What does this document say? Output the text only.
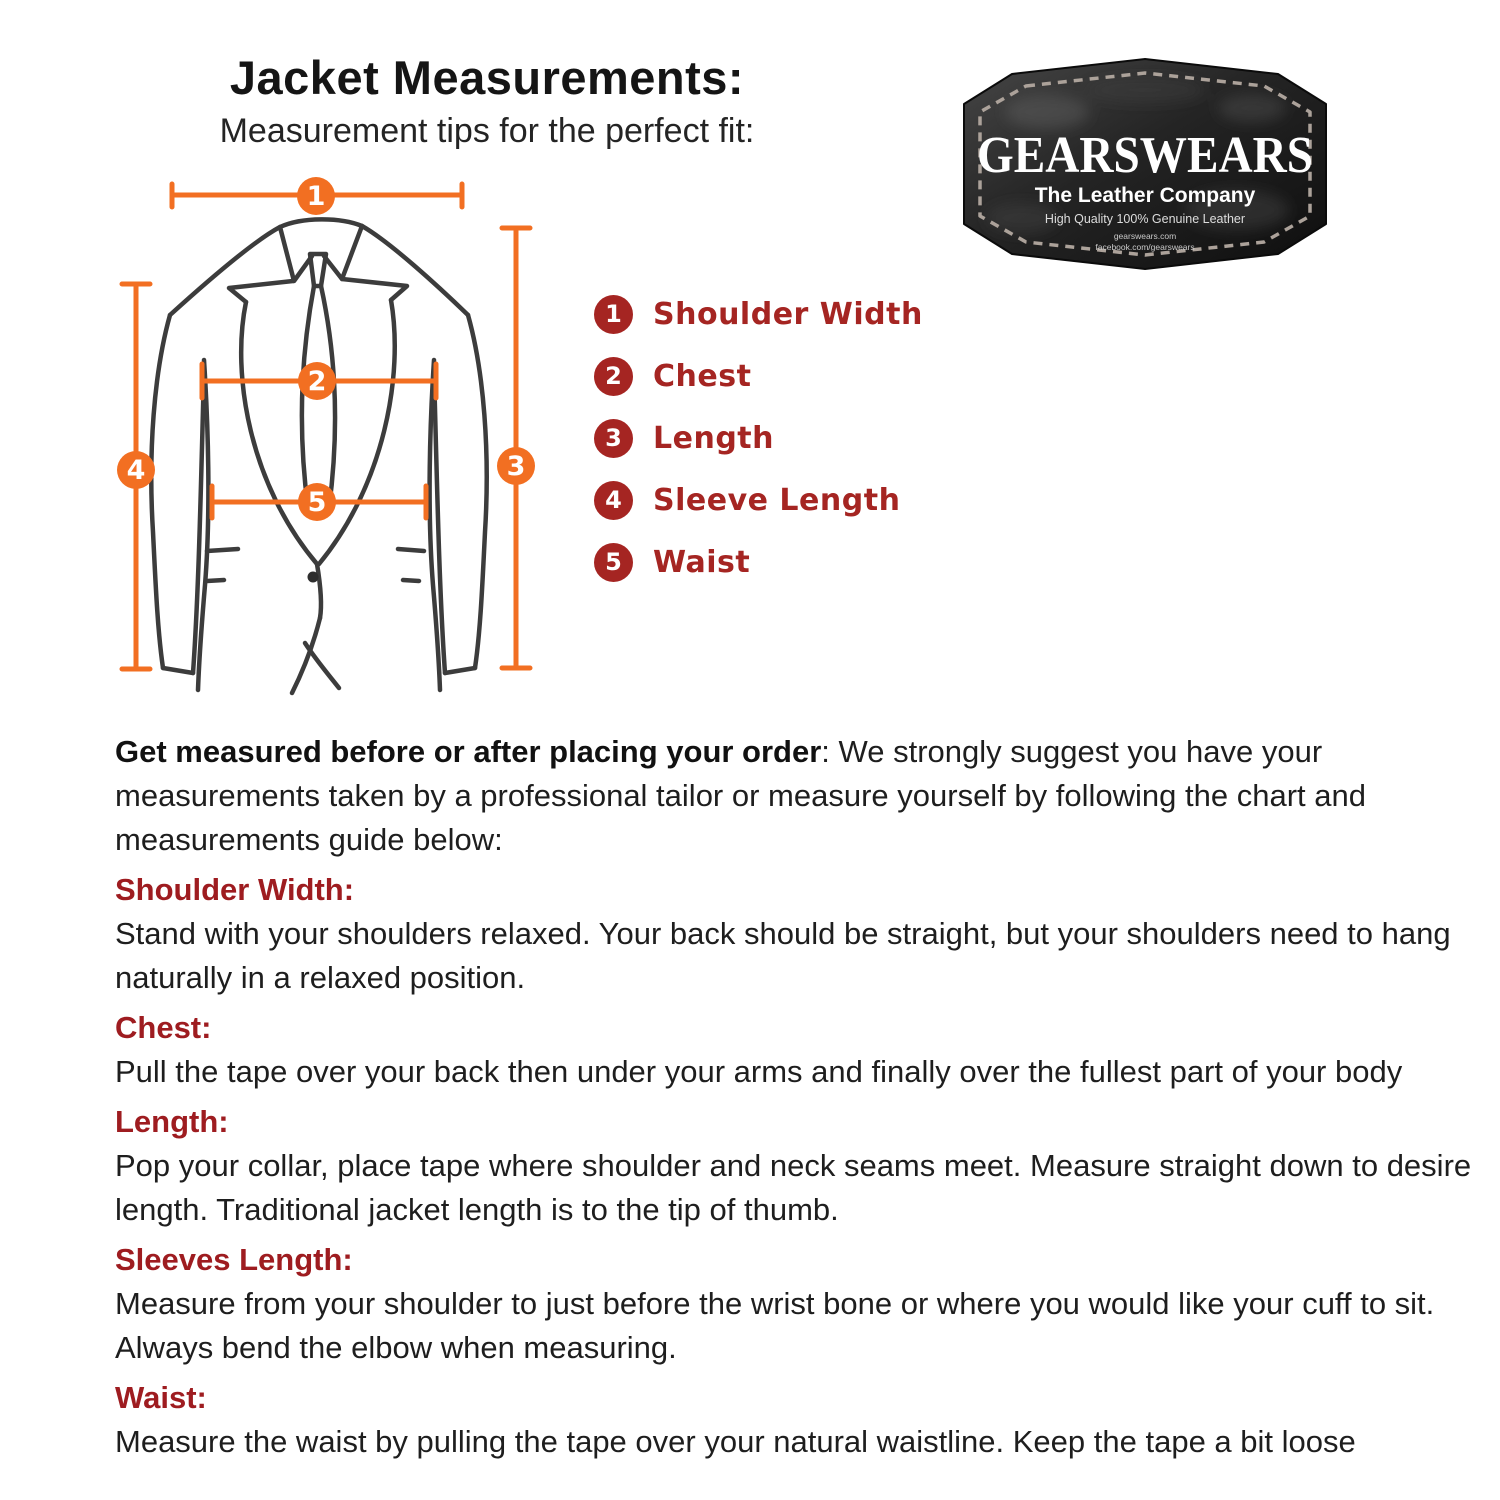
Jacket Measurements:
Measurement tips for the perfect fit:	GEARSWEARS
The Leather Company
High Quality 100% Genuine Leather
gearswears.com
facebook.com/gearswears
1
2
5
4	3
1	Shoulder Width
2	Chest
3	Length
4	Sleeve Length
5	Waist
Get measured before or after placing your order: We strongly suggest you have your measurements taken by a professional tailor or measure yourself by following the chart and measurements guide below:
Shoulder Width:
Stand with your shoulders relaxed. Your back should be straight, but your shoulders need to hang naturally in a relaxed position.
Chest:
Pull the tape over your back then under your arms and finally over the fullest part of your body
Length:
Pop your collar, place tape where shoulder and neck seams meet. Measure straight down to desire length. Traditional jacket length is to the tip of thumb.
Sleeves Length:
Measure from your shoulder to just before the wrist bone or where you would like your cuff to sit. Always bend the elbow when measuring.
Waist:
Measure the waist by pulling the tape over your natural waistline. Keep the tape a bit loose
